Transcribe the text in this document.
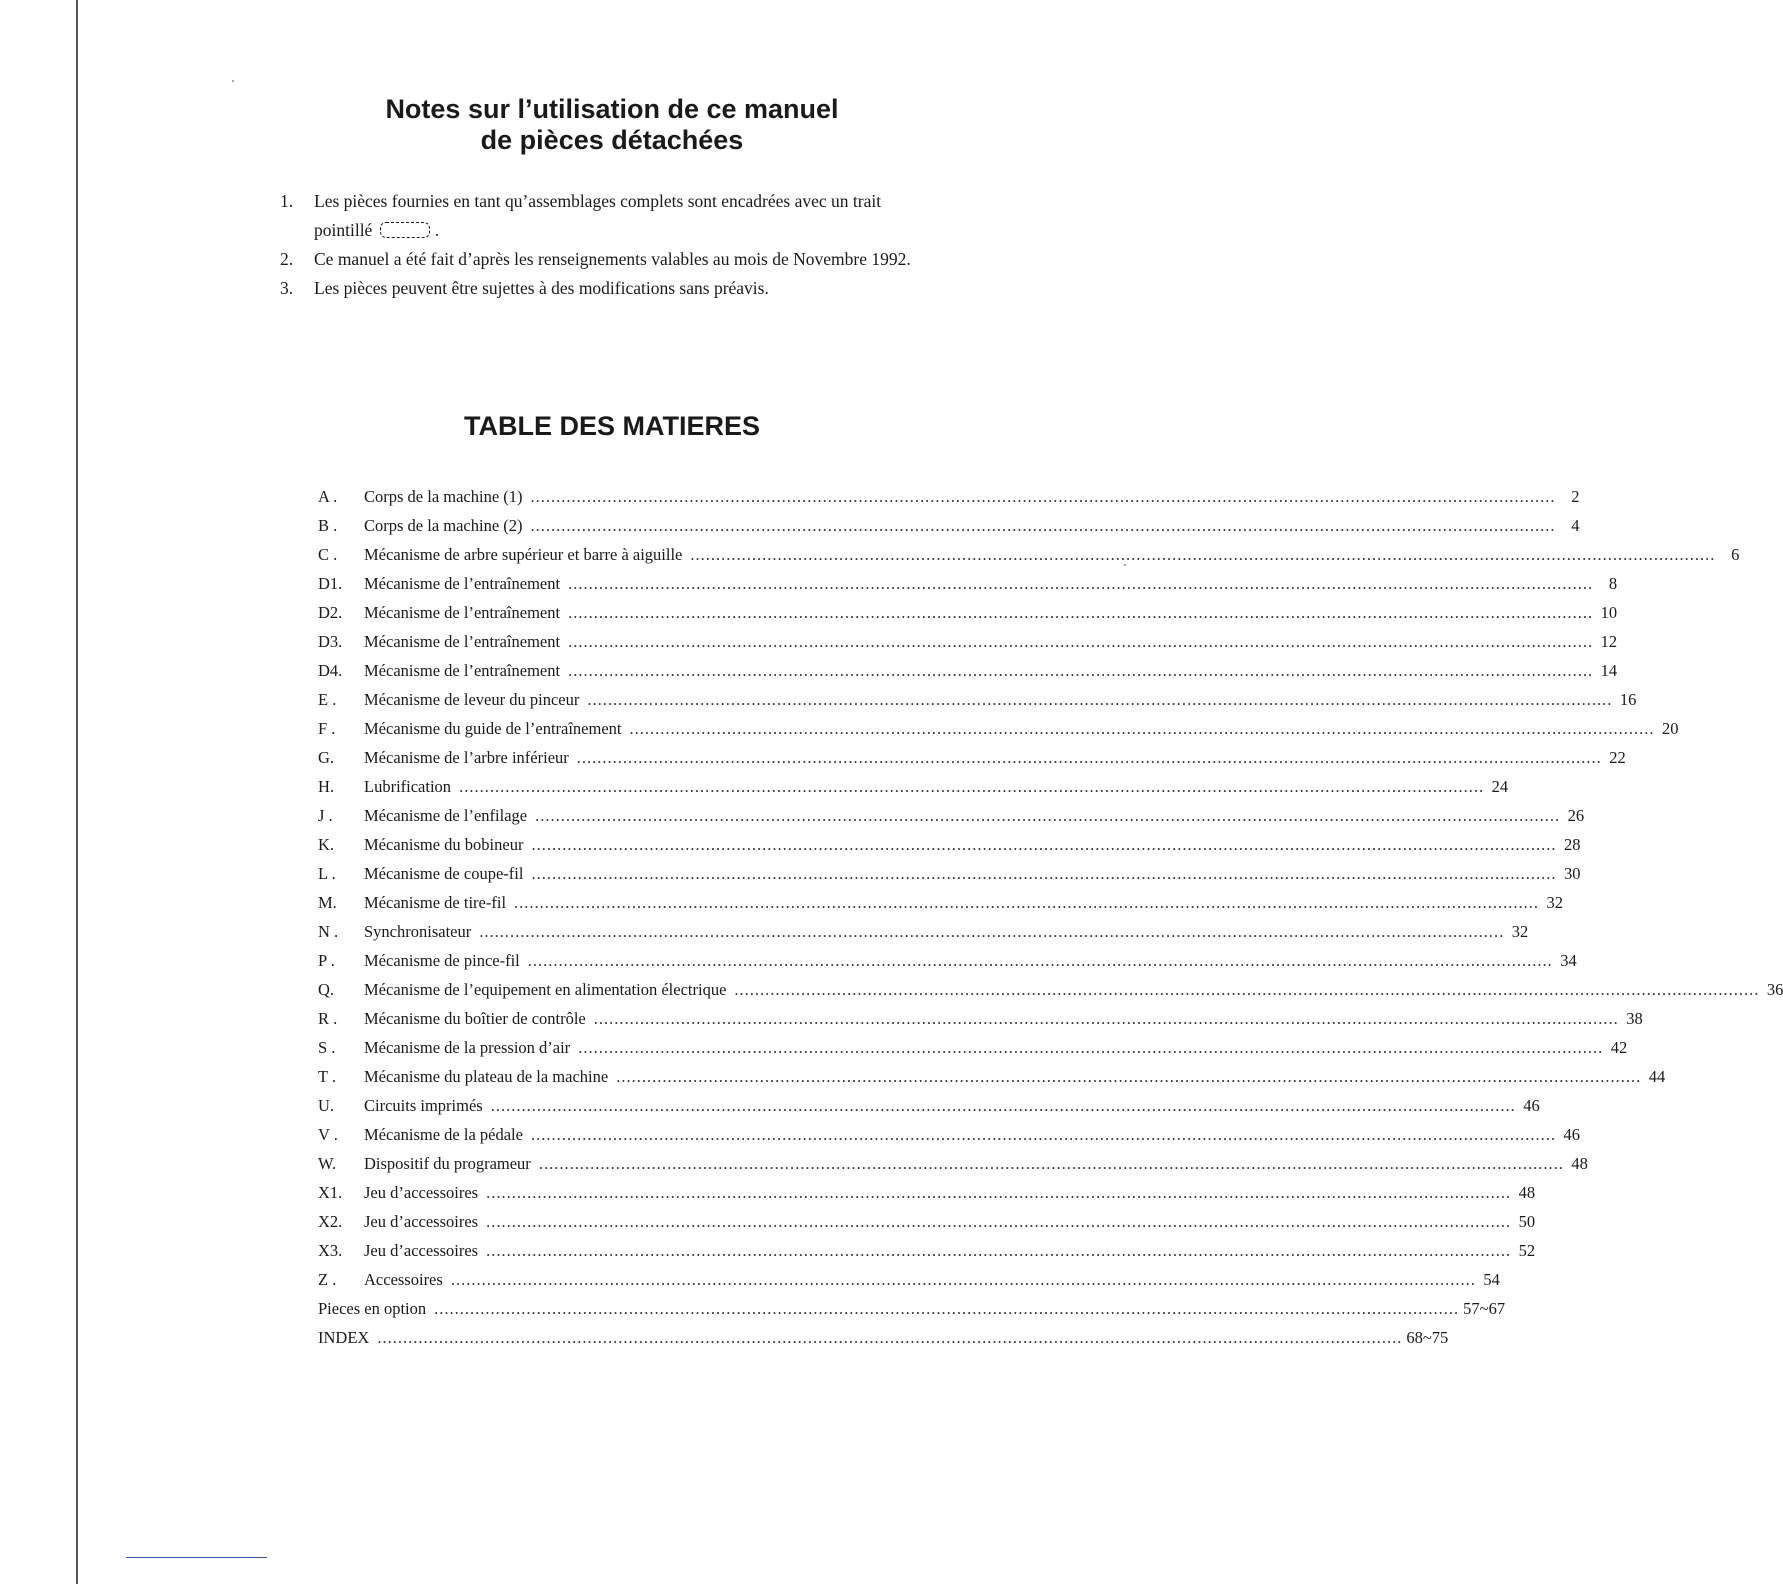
Notes sur l’utilisation de ce manuel
de pièces détachées
1. Les pièces fournies en tant qu’assemblages complets sont encadrées avec un trait
pointillé	.
2. Ce manuel a été fait d’après les renseignements valables au mois de Novembre 1992.
3. Les pièces peuvent être sujettes à des modifications sans préavis.
TABLE DES MATIERES
A .	Corps de la machine (1) ........................................................................................................................................................................................................ 2
B .	Corps de la machine (2) ........................................................................................................................................................................................................ 4
C .	Mécanisme de arbre supérieur et barre à aiguille ........................................................................................................................................................................................................ 6
D1.	Mécanisme de l’entraînement ........................................................................................................................................................................................................ 8
D2.	Mécanisme de l’entraînement ........................................................................................................................................................................................................ 10
D3.	Mécanisme de l’entraînement ........................................................................................................................................................................................................ 12
D4.	Mécanisme de l’entraînement ........................................................................................................................................................................................................ 14
E .	Mécanisme de leveur du pinceur ........................................................................................................................................................................................................ 16
F .	Mécanisme du guide de l’entraînement ........................................................................................................................................................................................................ 20
G.	Mécanisme de l’arbre inférieur ........................................................................................................................................................................................................ 22
H.	Lubrification ........................................................................................................................................................................................................ 24
J .	Mécanisme de l’enfilage ........................................................................................................................................................................................................ 26
K.	Mécanisme du bobineur ........................................................................................................................................................................................................ 28
L .	Mécanisme de coupe-fil ........................................................................................................................................................................................................ 30
M.	Mécanisme de tire-fil ........................................................................................................................................................................................................ 32
N .	Synchronisateur ........................................................................................................................................................................................................ 32
P .	Mécanisme de pince-fil ........................................................................................................................................................................................................ 34
Q.	Mécanisme de l’equipement en alimentation électrique ........................................................................................................................................................................................................ 36
R .	Mécanisme du boîtier de contrôle ........................................................................................................................................................................................................ 38
S .	Mécanisme de la pression d’air ........................................................................................................................................................................................................ 42
T .	Mécanisme du plateau de la machine ........................................................................................................................................................................................................ 44
U.	Circuits imprimés ........................................................................................................................................................................................................ 46
V .	Mécanisme de la pédale ........................................................................................................................................................................................................ 46
W.	Dispositif du programeur ........................................................................................................................................................................................................ 48
X1.	Jeu d’accessoires ........................................................................................................................................................................................................ 48
X2.	Jeu d’accessoires ........................................................................................................................................................................................................ 50
X3.	Jeu d’accessoires ........................................................................................................................................................................................................ 52
Z .	Accessoires ........................................................................................................................................................................................................ 54
Pieces en option ........................................................................................................................................................................................................ 57~67
INDEX ........................................................................................................................................................................................................ 68~75
